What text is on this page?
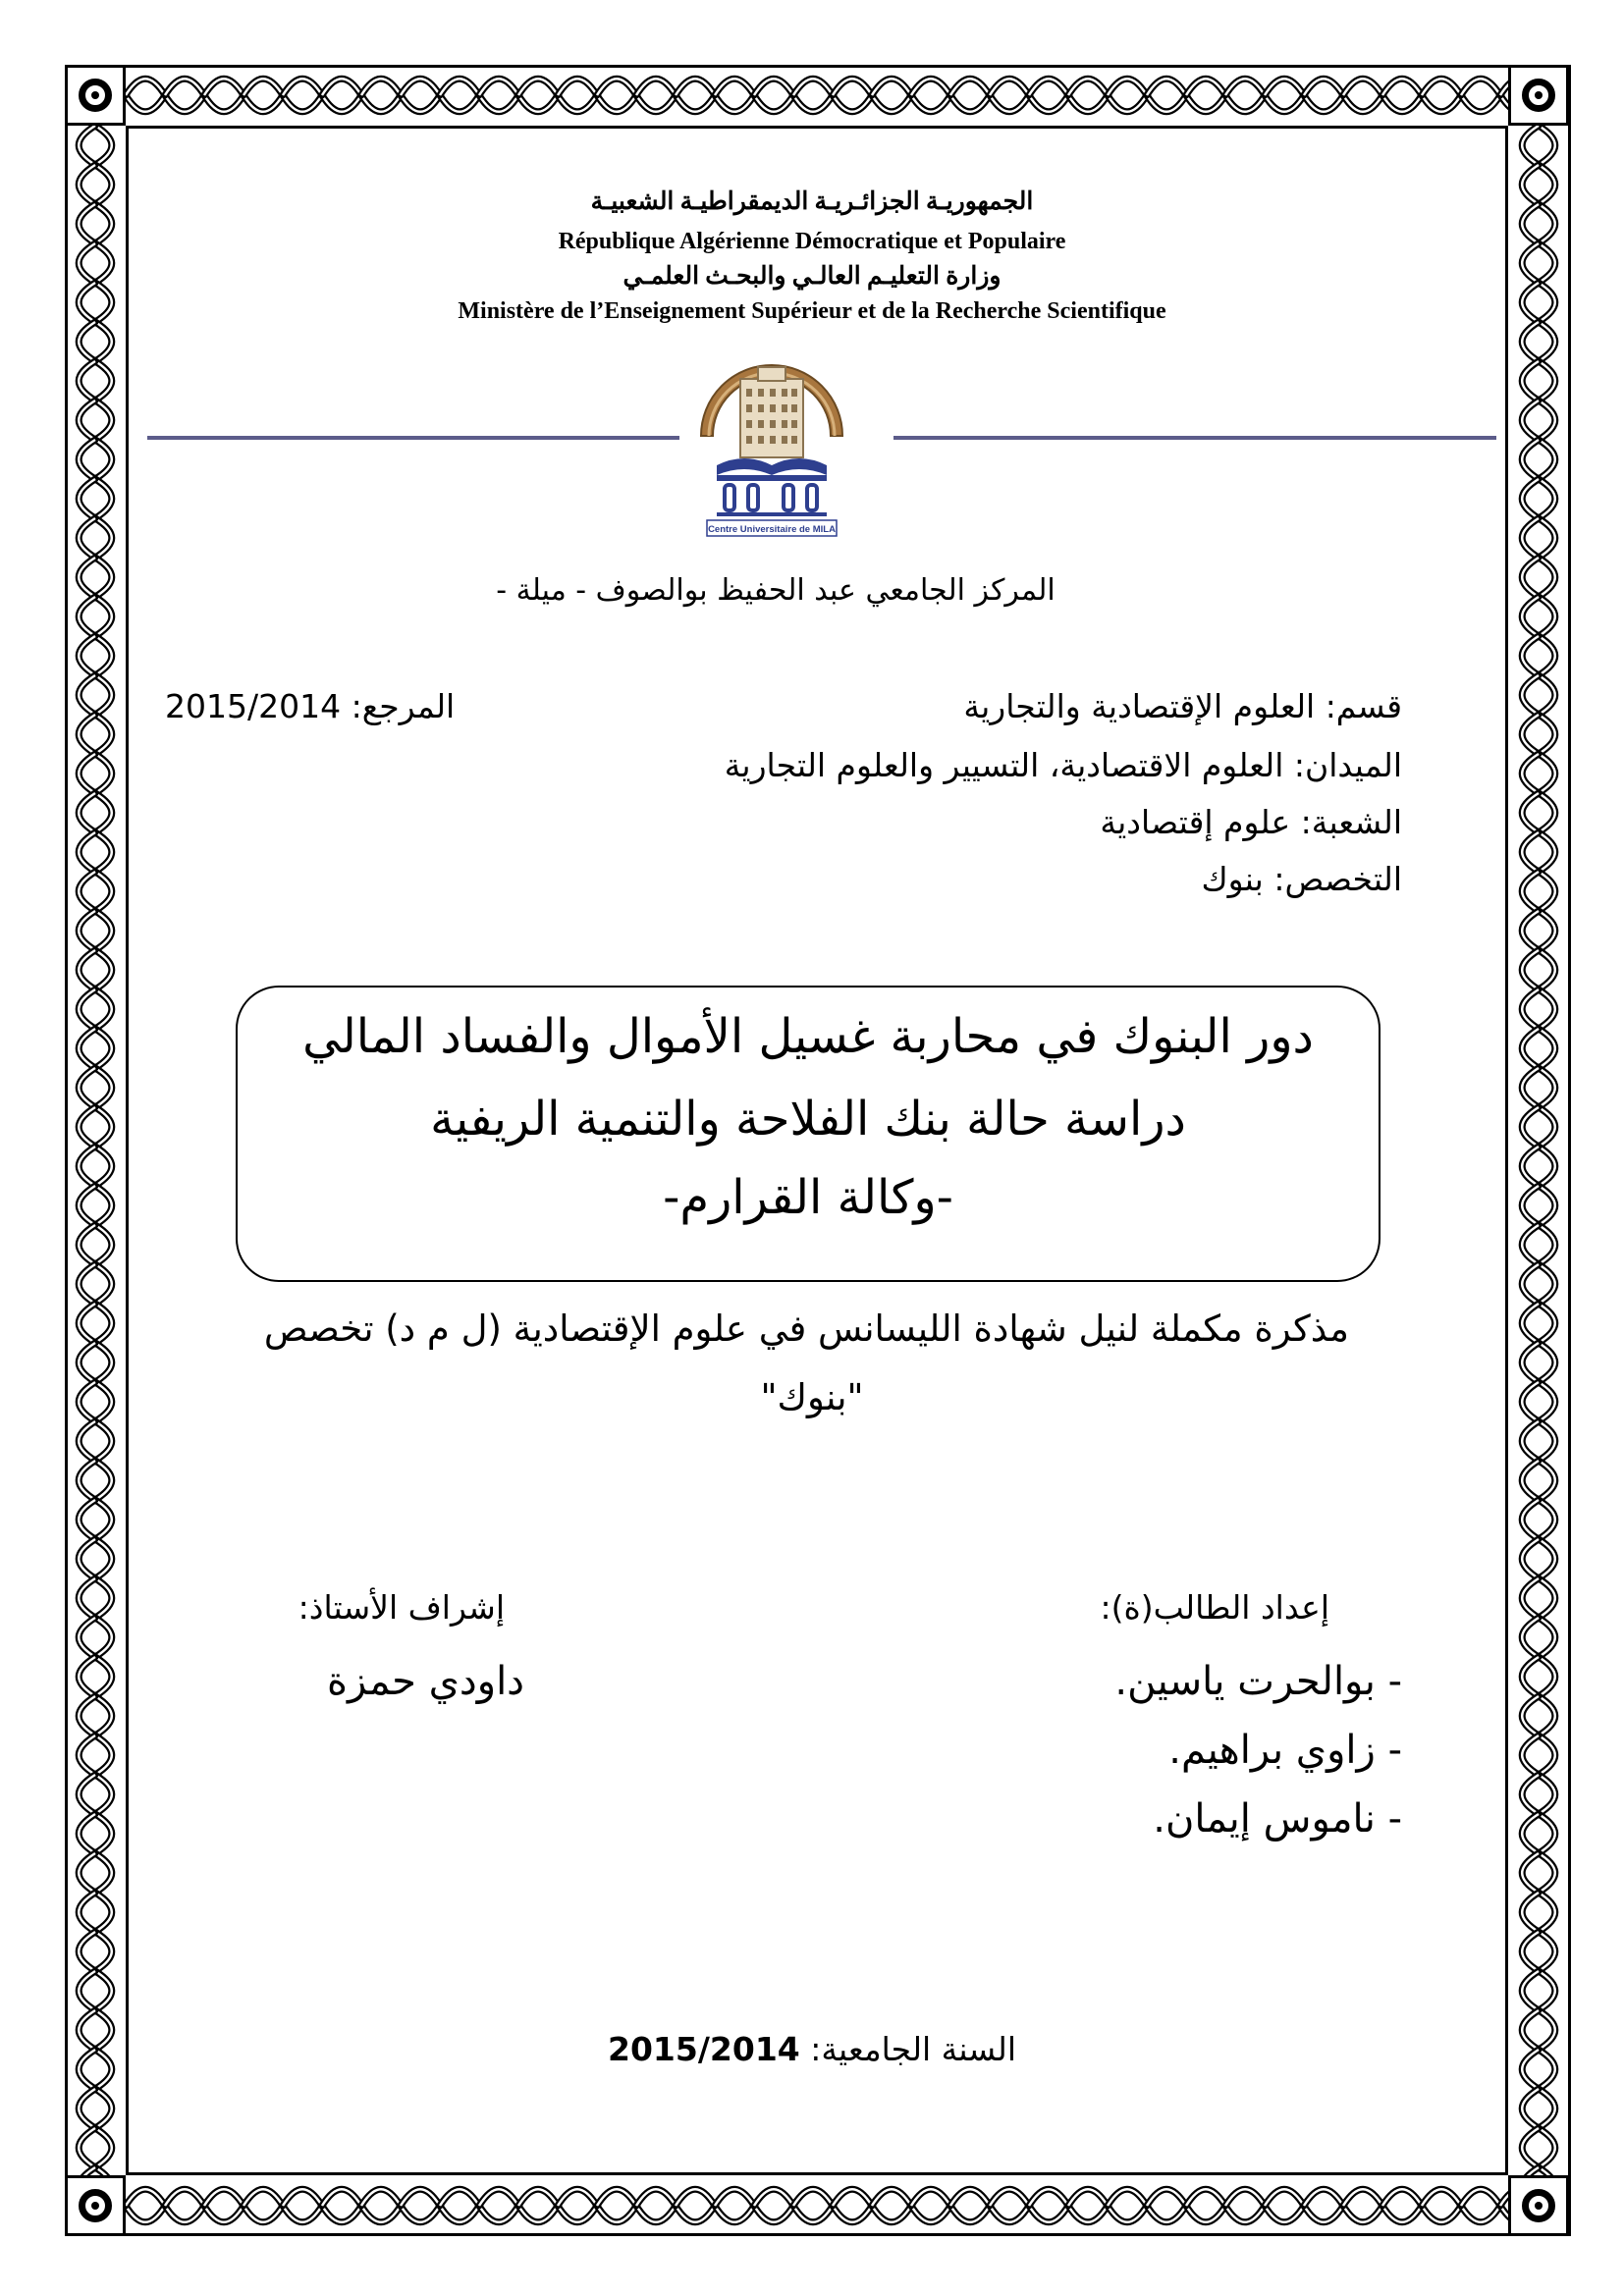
الجمهوريـة الجزائـريـة الديمقراطيـة الشعبيـة
République Algérienne Démocratique et Populaire
وزارة التعليـم العالـي والبحـث العلمـي
Ministère de l’Enseignement Supérieur et de la Recherche Scientifique
Centre Universitaire de MILA
المركز الجامعي عبد الحفيظ بوالصوف - ميلة -
المرجع: 2015/2014	قسم: العلوم الإقتصادية والتجارية
الميدان: العلوم الاقتصادية، التسيير والعلوم التجارية
الشعبة: علوم إقتصادية
التخصص: بنوك
دور البنوك في محاربة غسيل الأموال والفساد المالي
دراسة حالة بنك الفلاحة والتنمية الريفية
-وكالة القرارم-
مذكرة مكملة لنيل شهادة الليسانس في علوم الإقتصادية (ل م د) تخصص
"بنوك"
إعداد الطالب(ة):
- بوالحرت ياسين.
- زاوي براهيم.
- ناموس إيمان.
إشراف الأستاذ:
داودي حمزة
السنة الجامعية: 2015/2014
